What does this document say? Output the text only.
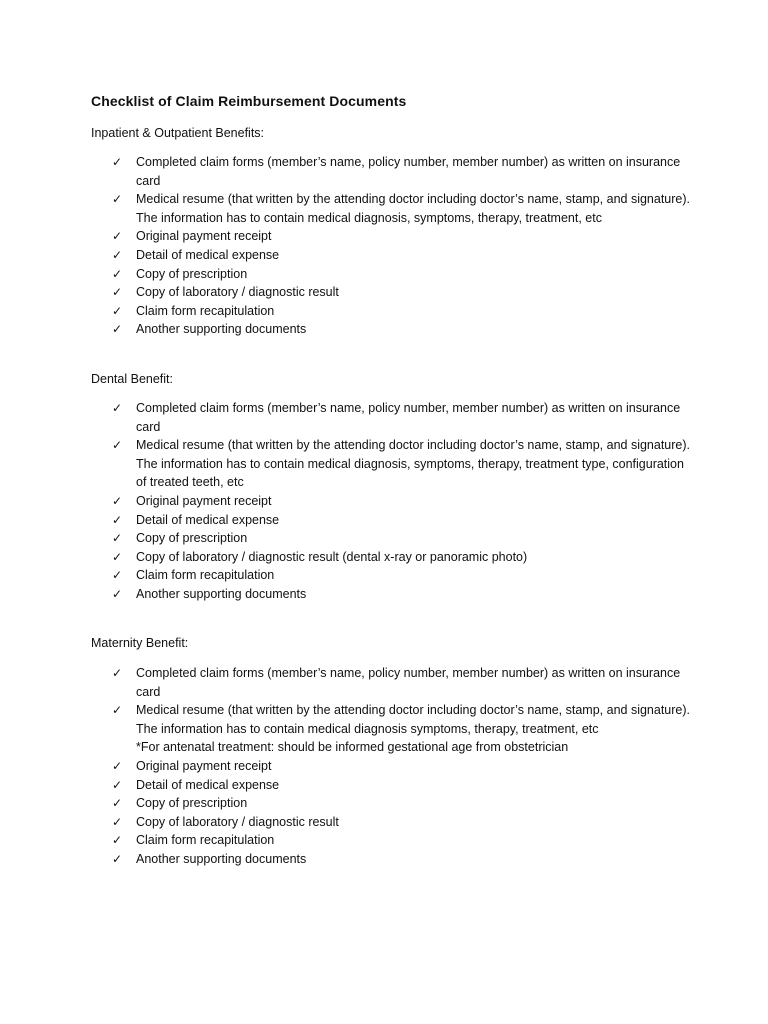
Checklist of Claim Reimbursement Documents
Inpatient & Outpatient Benefits:
✓ Completed claim forms (member’s name, policy number, member number) as written on insurance card
✓ Medical resume (that written by the attending doctor including doctor’s name, stamp, and signature). The information has to contain medical diagnosis, symptoms, therapy, treatment, etc
✓ Original payment receipt
✓ Detail of medical expense
✓ Copy of prescription
✓ Copy of laboratory / diagnostic result
✓ Claim form recapitulation
✓ Another supporting documents
Dental Benefit:
✓ Completed claim forms (member’s name, policy number, member number) as written on insurance card
✓ Medical resume (that written by the attending doctor including doctor’s name, stamp, and signature). The information has to contain medical diagnosis, symptoms, therapy, treatment type, configuration of treated teeth, etc
✓ Original payment receipt
✓ Detail of medical expense
✓ Copy of prescription
✓ Copy of laboratory / diagnostic result (dental x-ray or panoramic photo)
✓ Claim form recapitulation
✓ Another supporting documents
Maternity Benefit:
✓ Completed claim forms (member’s name, policy number, member number) as written on insurance card
✓ Medical resume (that written by the attending doctor including doctor’s name, stamp, and signature). The information has to contain medical diagnosis symptoms, therapy, treatment, etc
*For antenatal treatment: should be informed gestational age from obstetrician
✓ Original payment receipt
✓ Detail of medical expense
✓ Copy of prescription
✓ Copy of laboratory / diagnostic result
✓ Claim form recapitulation
✓ Another supporting documents
